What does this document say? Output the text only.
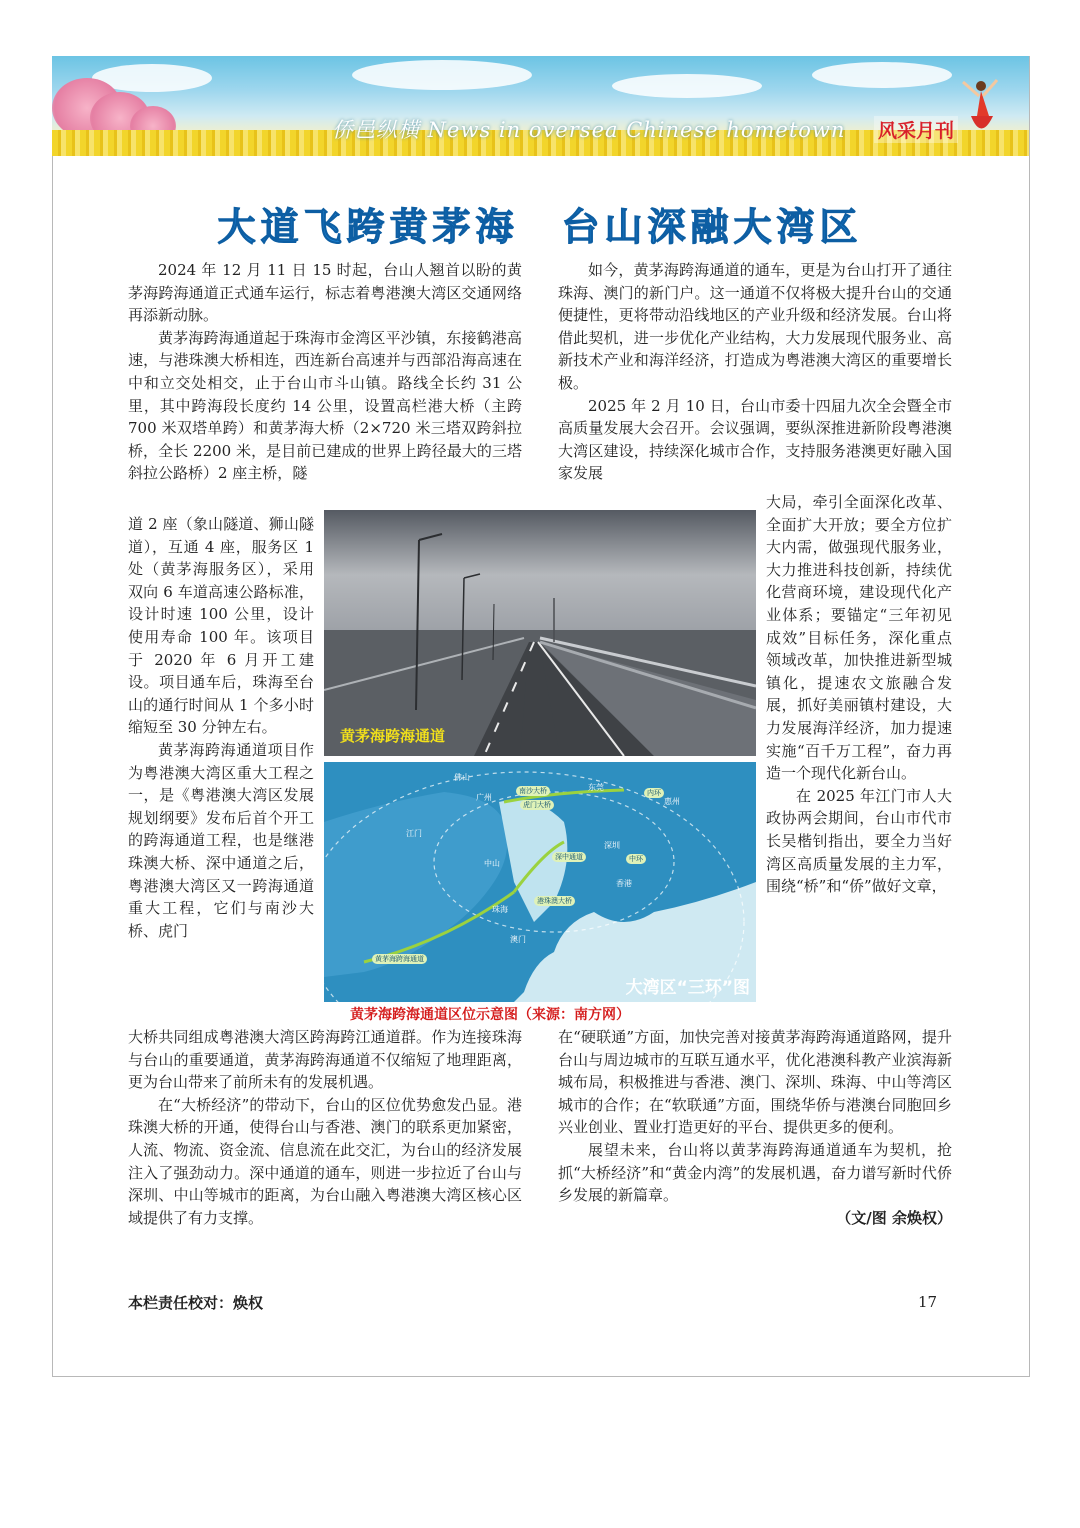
侨邑纵横 News in oversea Chinese hometown 风采月刊
大道飞跨黄茅海　台山深融大湾区

2024 年 12 月 11 日 15 时起，台山人翘首以盼的黄茅海跨海通道正式通车运行，标志着粤港澳大湾区交通网络再添新动脉。

黄茅海跨海通道起于珠海市金湾区平沙镇，东接鹤港高速，与港珠澳大桥相连，西连新台高速并与西部沿海高速在中和立交处相交，止于台山市斗山镇。路线全长约 31 公里，其中跨海段长度约 14 公里，设置高栏港大桥（主跨 700 米双塔单跨）和黄茅海大桥（2×720 米三塔双跨斜拉桥，全长 2200 米，是目前已建成的世界上跨径最大的三塔斜拉公路桥）2 座主桥，隧

道 2 座（象山隧道、狮山隧道），互通 4 座，服务区 1 处（黄茅海服务区），采用双向 6 车道高速公路标准，设计时速 100 公里，设计使用寿命 100 年。该项目于 2020 年 6 月开工建设。项目通车后，珠海至台山的通行时间从 1 个多小时缩短至 30 分钟左右。

黄茅海跨海通道项目作为粤港澳大湾区重大工程之一，是《粤港澳大湾区发展规划纲要》发布后首个开工的跨海通道工程，也是继港珠澳大桥、深中通道之后，粤港澳大湾区又一跨海通道重大工程，它们与南沙大桥、虎门

大桥共同组成粤港澳大湾区跨海跨江通道群。作为连接珠海与台山的重要通道，黄茅海跨海通道不仅缩短了地理距离，更为台山带来了前所未有的发展机遇。

在“大桥经济”的带动下，台山的区位优势愈发凸显。港珠澳大桥的开通，使得台山与香港、澳门的联系更加紧密，人流、物流、资金流、信息流在此交汇，为台山的经济发展注入了强劲动力。深中通道的通车，则进一步拉近了台山与深圳、中山等城市的距离，为台山融入粤港澳大湾区核心区域提供了有力支撑。

如今，黄茅海跨海通道的通车，更是为台山打开了通往珠海、澳门的新门户。这一通道不仅将极大提升台山的交通便捷性，更将带动沿线地区的产业升级和经济发展。台山将借此契机，进一步优化产业结构，大力发展现代服务业、高新技术产业和海洋经济，打造成为粤港澳大湾区的重要增长极。

2025 年 2 月 10 日，台山市委十四届九次全会暨全市高质量发展大会召开。会议强调，要纵深推进新阶段粤港澳大湾区建设，持续深化城市合作，支持服务港澳更好融入国家发展

大局，牵引全面深化改革、全面扩大开放；要全方位扩大内需，做强现代服务业，大力推进科技创新，持续优化营商环境，建设现代化产业体系；要锚定“三年初见成效”目标任务，深化重点领域改革，加快推进新型城镇化，提速农文旅融合发展，抓好美丽镇村建设，大力发展海洋经济，加力提速实施“百千万工程”，奋力再造一个现代化新台山。

在 2025 年江门市人大政协两会期间，台山市代市长吴楷钊指出，要全力当好湾区高质量发展的主力军，围绕“桥”和“侨”做好文章，

在“硬联通”方面，加快完善对接黄茅海跨海通道路网，提升台山与周边城市的互联互通水平，优化港澳科教产业滨海新城布局，积极推进与香港、澳门、深圳、珠海、中山等湾区城市的合作；在“软联通”方面，围绕华侨与港澳台同胞回乡兴业创业、置业打造更好的平台、提供更多的便利。

展望未来，台山将以黄茅海跨海通道通车为契机，抢抓“大桥经济”和“黄金内湾”的发展机遇，奋力谱写新时代侨乡发展的新篇章。

（文/图 余焕权）

黄茅海跨海通道
佛山
东莞
广州	惠州
江门
中山
深圳
珠海
香港
澳门
南沙大桥
虎门大桥
深中通道
港珠澳大桥
黄茅海跨海通道
中环
内环
大湾区“三环”图
黄茅海跨海通道区位示意图（来源：南方网）
本栏责任校对：焕权	17
